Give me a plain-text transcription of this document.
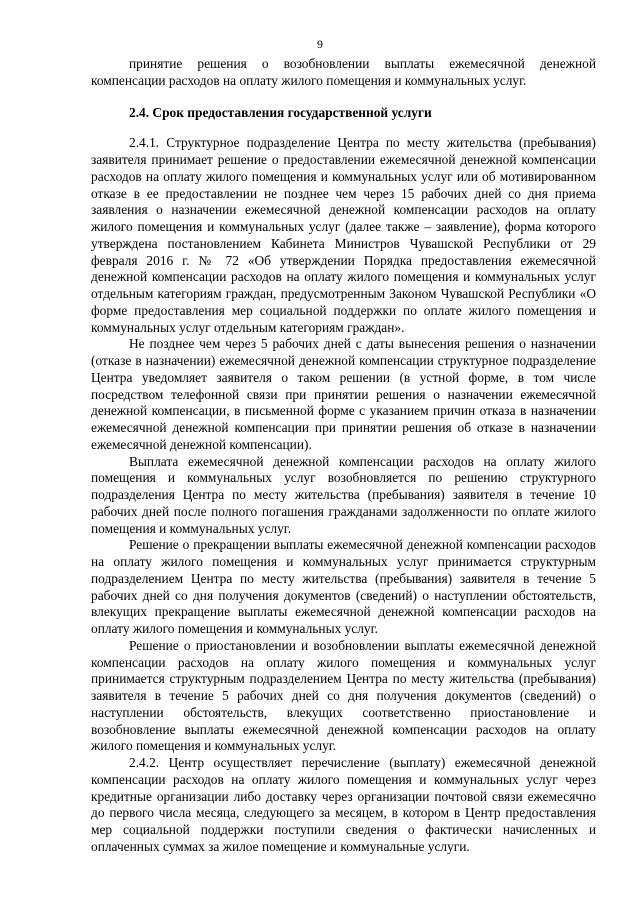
9

принятие решения о возобновлении выплаты ежемесячной денежной компенсации расходов на оплату жилого помещения и коммунальных услуг.

2.4. Срок предоставления государственной услуги

2.4.1. Структурное подразделение Центра по месту жительства (пребывания) заявителя принимает решение о предоставлении ежемесячной денежной компенсации расходов на оплату жилого помещения и коммунальных услуг или об мотивированном отказе в ее предоставлении не позднее чем через 15 рабочих дней со дня приема заявления о назначении ежемесячной денежной компенсации расходов на оплату жилого помещения и коммунальных услуг (далее также – заявление), форма которого утверждена постановлением Кабинета Министров Чувашской Республики от 29 февраля 2016 г. № 72 «Об утверждении Порядка предоставления ежемесячной денежной компенсации расходов на оплату жилого помещения и коммунальных услуг отдельным категориям граждан, предусмотренным Законом Чувашской Республики «О форме предоставления мер социальной поддержки по оплате жилого помещения и коммунальных услуг отдельным категориям граждан».

Не позднее чем через 5 рабочих дней с даты вынесения решения о назначении (отказе в назначении) ежемесячной денежной компенсации структурное подразделение Центра уведомляет заявителя о таком решении (в устной форме, в том числе посредством телефонной связи при принятии решения о назначении ежемесячной денежной компенсации, в письменной форме с указанием причин отказа в назначении ежемесячной денежной компенсации при принятии решения об отказе в назначении ежемесячной денежной компенсации).

Выплата ежемесячной денежной компенсации расходов на оплату жилого помещения и коммунальных услуг возобновляется по решению структурного подразделения Центра по месту жительства (пребывания) заявителя в течение 10 рабочих дней после полного погашения гражданами задолженности по оплате жилого помещения и коммунальных услуг.

Решение о прекращении выплаты ежемесячной денежной компенсации расходов на оплату жилого помещения и коммунальных услуг принимается структурным подразделением Центра по месту жительства (пребывания) заявителя в течение 5 рабочих дней со дня получения документов (сведений) о наступлении обстоятельств, влекущих прекращение выплаты ежемесячной денежной компенсации расходов на оплату жилого помещения и коммунальных услуг.

Решение о приостановлении и возобновлении выплаты ежемесячной денежной компенсации расходов на оплату жилого помещения и коммунальных услуг принимается структурным подразделением Центра по месту жительства (пребывания) заявителя в течение 5 рабочих дней со дня получения документов (сведений) о наступлении обстоятельств, влекущих соответственно приостановление и возобновление выплаты ежемесячной денежной компенсации расходов на оплату жилого помещения и коммунальных услуг.

2.4.2. Центр осуществляет перечисление (выплату) ежемесячной денежной компенсации расходов на оплату жилого помещения и коммунальных услуг через кредитные организации либо доставку через организации почтовой связи ежемесячно до первого числа месяца, следующего за месяцем, в котором в Центр предоставления мер социальной поддержки поступили сведения о фактически начисленных и оплаченных суммах за жилое помещение и коммунальные услуги.
